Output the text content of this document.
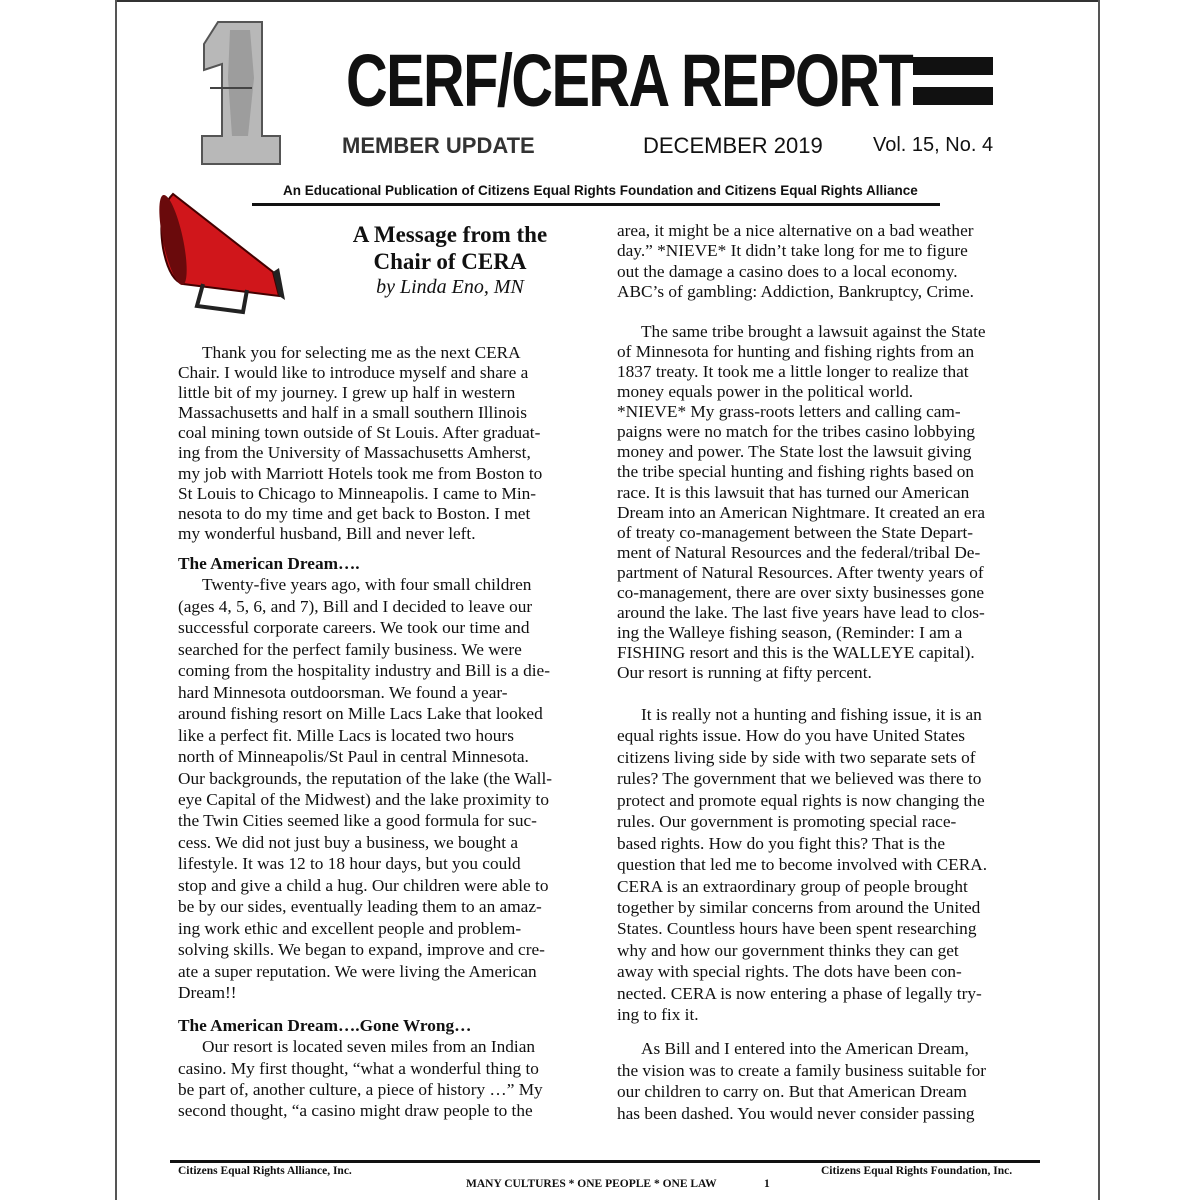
CERF/CERA REPORT
MEMBER UPDATE	DECEMBER 2019	Vol. 15, No. 4
An Educational Publication of Citizens Equal Rights Foundation and Citizens Equal Rights Alliance
A Message from the
Chair of CERA
by Linda Eno, MN
Thank you for selecting me as the next CERA
Chair. I would like to introduce myself and share a
little bit of my journey. I grew up half in western
Massachusetts and half in a small southern Illinois
coal mining town outside of St Louis. After graduat-
ing from the University of Massachusetts Amherst,
my job with Marriott Hotels took me from Boston to
St Louis to Chicago to Minneapolis. I came to Min-
nesota to do my time and get back to Boston. I met
my wonderful husband, Bill and never left.
The American Dream….
Twenty-five years ago, with four small children
(ages 4, 5, 6, and 7), Bill and I decided to leave our
successful corporate careers. We took our time and
searched for the perfect family business. We were
coming from the hospitality industry and Bill is a die-
hard Minnesota outdoorsman. We found a year-
around fishing resort on Mille Lacs Lake that looked
like a perfect fit. Mille Lacs is located two hours
north of Minneapolis/St Paul in central Minnesota.
Our backgrounds, the reputation of the lake (the Wall-
eye Capital of the Midwest) and the lake proximity to
the Twin Cities seemed like a good formula for suc-
cess. We did not just buy a business, we bought a
lifestyle. It was 12 to 18 hour days, but you could
stop and give a child a hug. Our children were able to
be by our sides, eventually leading them to an amaz-
ing work ethic and excellent people and problem-
solving skills. We began to expand, improve and cre-
ate a super reputation. We were living the American
Dream!!
The American Dream….Gone Wrong…
Our resort is located seven miles from an Indian
casino. My first thought, “what a wonderful thing to
be part of, another culture, a piece of history …” My
second thought, “a casino might draw people to the
area, it might be a nice alternative on a bad weather
day.” *NIEVE* It didn’t take long for me to figure
out the damage a casino does to a local economy.
ABC’s of gambling: Addiction, Bankruptcy, Crime.
The same tribe brought a lawsuit against the State
of Minnesota for hunting and fishing rights from an
1837 treaty. It took me a little longer to realize that
money equals power in the political world.
*NIEVE* My grass-roots letters and calling cam-
paigns were no match for the tribes casino lobbying
money and power. The State lost the lawsuit giving
the tribe special hunting and fishing rights based on
race. It is this lawsuit that has turned our American
Dream into an American Nightmare. It created an era
of treaty co-management between the State Depart-
ment of Natural Resources and the federal/tribal De-
partment of Natural Resources. After twenty years of
co-management, there are over sixty businesses gone
around the lake. The last five years have lead to clos-
ing the Walleye fishing season, (Reminder: I am a
FISHING resort and this is the WALLEYE capital).
Our resort is running at fifty percent.
It is really not a hunting and fishing issue, it is an
equal rights issue. How do you have United States
citizens living side by side with two separate sets of
rules? The government that we believed was there to
protect and promote equal rights is now changing the
rules. Our government is promoting special race-
based rights. How do you fight this? That is the
question that led me to become involved with CERA.
CERA is an extraordinary group of people brought
together by similar concerns from around the United
States. Countless hours have been spent researching
why and how our government thinks they can get
away with special rights. The dots have been con-
nected. CERA is now entering a phase of legally try-
ing to fix it.
As Bill and I entered into the American Dream,
the vision was to create a family business suitable for
our children to carry on. But that American Dream
has been dashed. You would never consider passing
Citizens Equal Rights Alliance, Inc.	Citizens Equal Rights Foundation, Inc.
MANY CULTURES * ONE PEOPLE * ONE LAW	1
